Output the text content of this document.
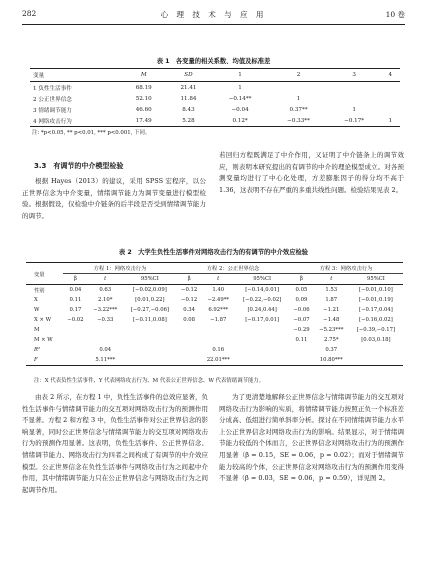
282	心 理 技 术 与 应 用	10 卷
表 1　各变量的相关系数、均值及标准差
变量	M	SD	1	2	3	4
1 负性生活事件	68.19	21.41	1			
2 公正世界信念	52.10	11.84	−0.14**	1		
3 情绪调节能力	46.60	8.43	−0.04	0.37**	1	
4 网络攻击行为	17.49	5.28	0.12*	−0.33**	−0.17*	1
注: *p<0.05, ** p<0.01, *** p<0.001, 下同。
3.3　有调节的中介模型检验
根据 Hayes（2013）的建议，采用 SPSS 宏程序，以公正世界信念为中介变量，情绪调节能力为调节变量进行模型检验。根据假设，仅检验中介链条的后半段是否受到情绪调节能力的调节。
若回归方程既满足了中介作用，又证明了中介链条上的调节效应，则表明本研究提出的有调节的中介的理论模型成立。对各预测变量均进行了中心化处理，方差膨胀因子的得分均不高于 1.36，这表明不存在严重的多重共线性问题。检验结果见表 2。
表 2　大学生负性生活事件对网络攻击行为的有调节的中介效应检验
变量	方程 1：网络攻击行为			方程 2：公正世界信念			方程 3：网络攻击行为		
	β	t	95%CI	β	t	95%CI	β	t	95%CI
性别	0.04	0.63	[−0.02,0.09]	−0.12	1.40	[−0.14,0.01]	0.05	1.53	[−0.01,0.10]
X	0.11	2.10*	[0.01,0.22]	−0.12	−2.49**	[−0.22,−0.02]	0.09	1.87	[−0.01,0.19]
W	0.17	−3.22***	[−0.27,−0.06]	0.34	6.92***	[0.24,0.44]	−0.06	−1.21	[−0.17,0.04]
X × W	−0.02	−0.33	[−0.11,0.08]	0.08	−1.87	[−0.17,0.01]	−0.07	−1.48	[−0.16,0.02]
M							−0.29	−5.23***	[−0.39,−0.17]
M × W							0.11	2.75*	[0.03,0.18]
R²		0.04			0.16			0.37	
F		5.11***			22.01***			10.80***	
注：X 代表负性生活事件、Y 代表网络攻击行为、M 代表公正世界信念、W 代表情绪调节能力。
由表 2 所示，在方程 1 中，负性生活事件的总效应显著，负性生活事件与情绪调节能力的交互项对网络攻击行为的预测作用不显著。方程 2 和方程 3 中，负性生活事件对公正世界信念的影响显著，同时公正世界信念与情绪调节能力的交互项对网络攻击行为的预测作用显著。这表明，负性生活事件、公正世界信念、情绪调节能力、网络攻击行为四者之间构成了有调节的中介效应模型。公正世界信念在负性生活事件与网络攻击行为之间起中介作用，其中情绪调节能力只在公正世界信念与网络攻击行为之间起调节作用。
为了更清楚地解释公正世界信念与情绪调节能力的交互项对网络攻击行为影响的实质，将情绪调节能力按照正负一个标准差分成高、低组进行简单斜率分析。探讨在不同情绪调节能力水平上公正世界信念对网络攻击行为的影响。结果显示，对于情绪调节能力较低的个体而言，公正世界信念对网络攻击行为的预测作用显著（β = 0.15，SE = 0.06，p = 0.02）；而对于情绪调节能力较高的个体，公正世界信念对网络攻击行为的预测作用变得不显著（β = 0.03，SE = 0.06，p = 0.59），详见图 2。
